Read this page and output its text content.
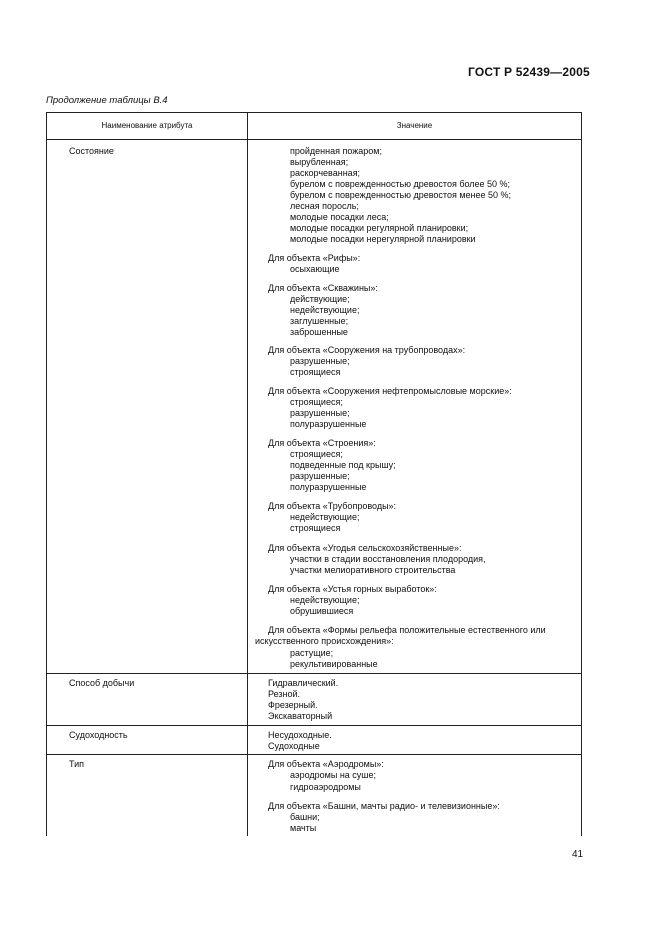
ГОСТ Р 52439—2005
Продолжение таблицы В.4
Наименование атрибута	Значение
Состояние	пройденная пожаром;
вырубленная;
раскорчеванная;
бурелом с поврежденностью древостоя более 50 %;
бурелом с поврежденностью древостоя менее 50 %;
лесная поросль;
молодые посадки леса;
молодые посадки регулярной планировки;
молодые посадки нерегулярной планировки
Для объекта «Рифы»:
осыхающие
Для объекта «Скважины»:
действующие;
недействующие;
заглушенные;
заброшенные
Для объекта «Сооружения на трубопроводах»:
разрушенные;
строящиеся
Для объекта «Сооружения нефтепромысловые морские»:
строящиеся;
разрушенные;
полуразрушенные
Для объекта «Строения»:
строящиеся;
подведенные под крышу;
разрушенные;
полуразрушенные
Для объекта «Трубопроводы»:
недействующие;
строящиеся
Для объекта «Угодья сельскохозяйственные»:
участки в стадии восстановления плодородия,
участки мелиоративного строительства
Для объекта «Устья горных выработок»:
недействующие;
обрушившиеся
Для объекта «Формы рельефа положительные естественного или
искусственного происхождения»:
растущие;
рекультивированные
Способ добычи	Гидравлический.
Резной.
Фрезерный.
Экскаваторный
Судоходность	Несудоходные.
Судоходные
Тип	Для объекта «Аэродромы»:
аэродромы на суше;
гидроаэродромы
Для объекта «Башни, мачты радио- и телевизионные»:
башни;
мачты
41
